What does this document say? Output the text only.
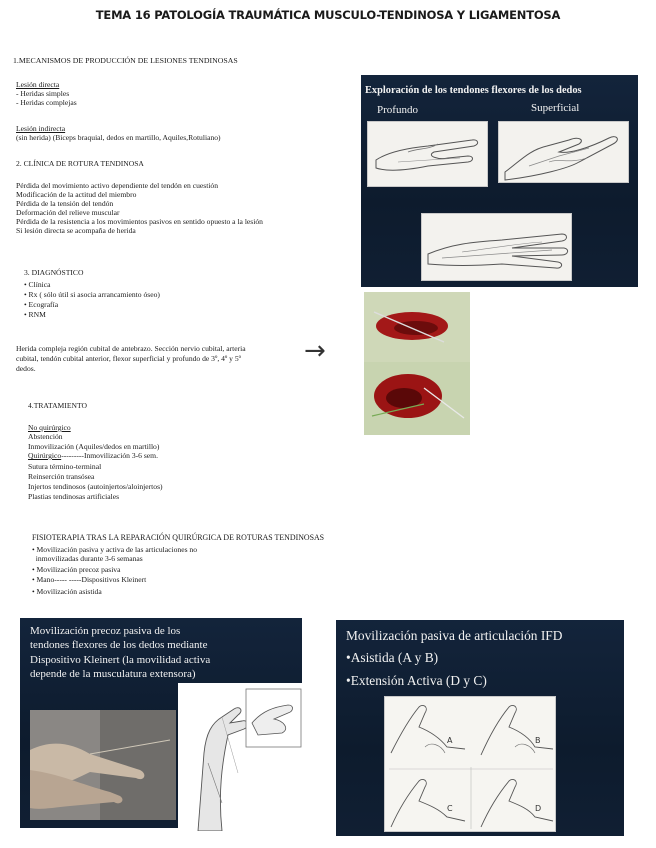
TEMA 16 PATOLOGÍA TRAUMÁTICA MUSCULO-TENDINOSA Y LIGAMENTOSA
1.MECANISMOS DE PRODUCCIÓN DE LESIONES TENDINOSAS
Lesión directa
- Heridas simples
- Heridas complejas
Lesión indirecta
(sin herida) (Biceps braquial, dedos en martillo, Aquiles,Rotuliano)
2. CLÍNICA DE ROTURA TENDINOSA
Pérdida del movimiento activo dependiente del tendón en cuestión
Modificación de la actitud del miembro
Pérdida de la tensión del tendón
Deformación del relieve muscular
Pérdida de la resistencia a los movimientos pasivos en sentido opuesto a la lesión
Si lesión directa se acompaña de herida
3. DIAGNÓSTICO
• Clínica
• Rx ( sólo útil si asocia arrancamiento óseo)
• Ecografía
• RNM
Herida compleja región cubital de antebrazo. Sección nervio cubital, arteria
cubital, tendón cubital anterior, flexor superficial y profundo de 3º, 4º y 5º
dedos.
→
4.TRATAMIENTO
No quirúrgico
Abstención
Inmovilización (Aquiles/dedos en martillo)
Quirúrgico---------Inmovilización 3-6 sem.
Sutura término-terminal
Reinserción transósea
Injertos tendinosos (autoinjertos/aloinjertos)
Plastias tendinosas artificiales
FISIOTERAPIA TRAS LA REPARACIÓN QUIRÚRGICA DE ROTURAS TENDINOSAS
• Movilización pasiva y activa de las articulaciones no
inmovilizadas durante 3-6 semanas
• Movilización precoz pasiva
• Mano----- -----Dispositivos Kleinert
• Movilización asistida
Exploración de los tendones flexores de los dedos
Profundo	Superficial
Movilización precoz pasiva de los
tendones flexores de los dedos mediante
Dispositivo Kleinert (la movilidad activa
depende de la musculatura extensora)
Movilización pasiva de articulación IFD
•Asistida (A y B)
•Extensión Activa (D y C)
A	B
C	D
